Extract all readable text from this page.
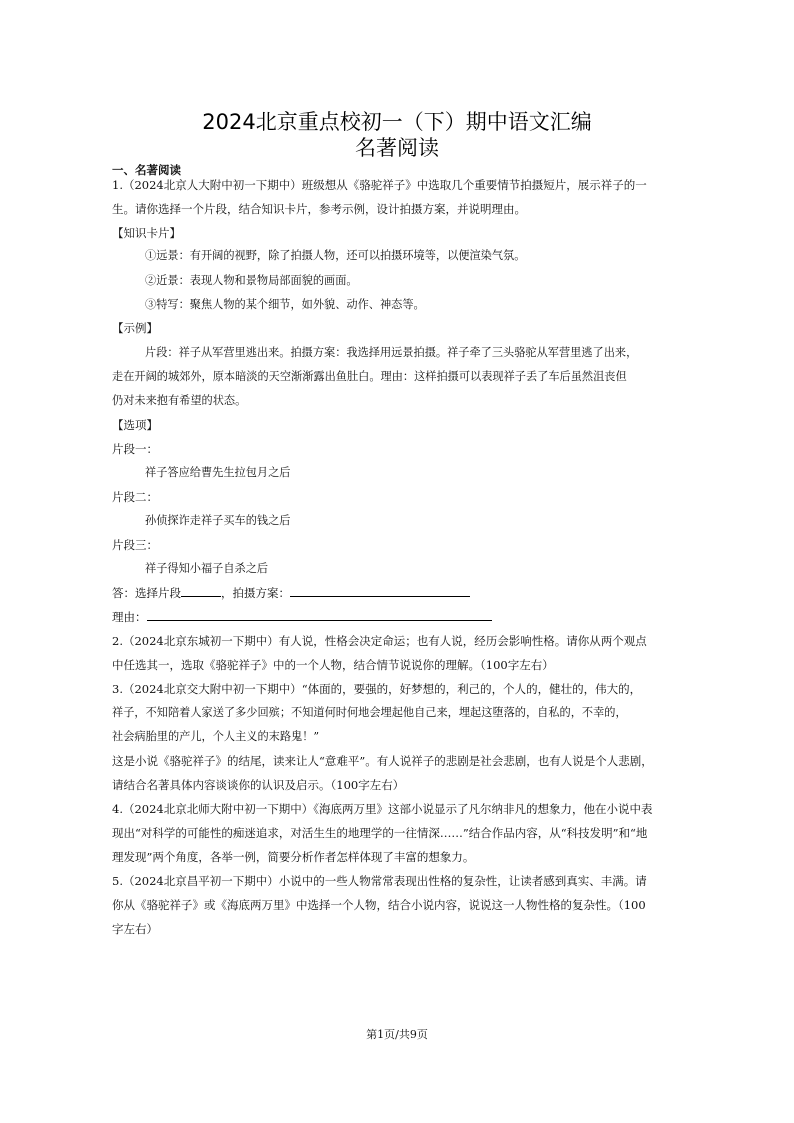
2024北京重点校初一（下）期中语文汇编
名著阅读
一、名著阅读
1.（2024北京人大附中初一下期中）班级想从《骆驼祥子》中选取几个重要情节拍摄短片，展示祥子的一
生。请你选择一个片段，结合知识卡片，参考示例，设计拍摄方案，并说明理由。
【知识卡片】
①远景：有开阔的视野，除了拍摄人物，还可以拍摄环境等，以便渲染气氛。
②近景：表现人物和景物局部面貌的画面。
③特写：聚焦人物的某个细节，如外貌、动作、神态等。
【示例】
片段：祥子从军营里逃出来。拍摄方案：我选择用远景拍摄。祥子牵了三头骆驼从军营里逃了出来，
走在开阔的城郊外，原本暗淡的天空渐渐露出鱼肚白。理由：这样拍摄可以表现祥子丢了车后虽然沮丧但
仍对未来抱有希望的状态。
【选项】
片段一：
祥子答应给曹先生拉包月之后
片段二：
孙侦探诈走祥子买车的钱之后
片段三：
祥子得知小福子自杀之后
答：选择片段	，拍摄方案：
理由：
2.（2024北京东城初一下期中）有人说，性格会决定命运；也有人说，经历会影响性格。请你从两个观点
中任选其一，选取《骆驼祥子》中的一个人物，结合情节说说你的理解。（100字左右）
3.（2024北京交大附中初一下期中）“体面的，要强的，好梦想的，利己的，个人的，健壮的，伟大的，
祥子，不知陪着人家送了多少回殡；不知道何时何地会埋起他自己来，埋起这堕落的，自私的，不幸的，
社会病胎里的产儿，个人主义的末路鬼！”
这是小说《骆驼祥子》的结尾，读来让人“意难平”。有人说祥子的悲剧是社会悲剧，也有人说是个人悲剧，
请结合名著具体内容谈谈你的认识及启示。（100字左右）
4.（2024北京北师大附中初一下期中）《海底两万里》这部小说显示了凡尔纳非凡的想象力，他在小说中表
现出“对科学的可能性的痴迷追求，对活生生的地理学的一往情深……”结合作品内容，从“科技发明”和“地
理发现”两个角度，各举一例，简要分析作者怎样体现了丰富的想象力。
5.（2024北京昌平初一下期中）小说中的一些人物常常表现出性格的复杂性，让读者感到真实、丰满。请
你从《骆驼祥子》或《海底两万里》中选择一个人物，结合小说内容，说说这一人物性格的复杂性。（100
字左右）
第1页/共9页
